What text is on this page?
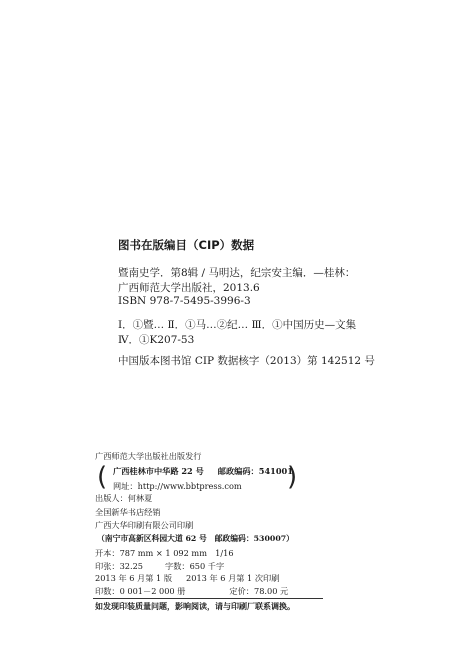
图书在版编目（CIP）数据
暨南史学．第8辑 / 马明达，纪宗安主编．—桂林：
广西师范大学出版社，2013.6
ISBN 978-7-5495-3996-3
Ⅰ．①暨… Ⅱ．①马…②纪… Ⅲ．①中国历史—文集
Ⅳ．①K207-53
中国版本图书馆 CIP 数据核字（2013）第 142512 号
广西师范大学出版社出版发行
( 广西桂林市中华路 22 号 邮政编码：541001
网址：http://www.bbtpress.com )
出版人：何林夏
全国新华书店经销
广西大华印刷有限公司印刷
（南宁市高新区科园大道 62 号　邮政编码：530007）
开本：787 mm × 1 092 mm　1/16
印张：32.25	字数：650 千字
2013 年 6 月第 1 版 2013 年 6 月第 1 次印刷
印数：0 001－2 000 册	定价：78.00 元
如发现印装质量问题，影响阅读，请与印刷厂联系调换。
